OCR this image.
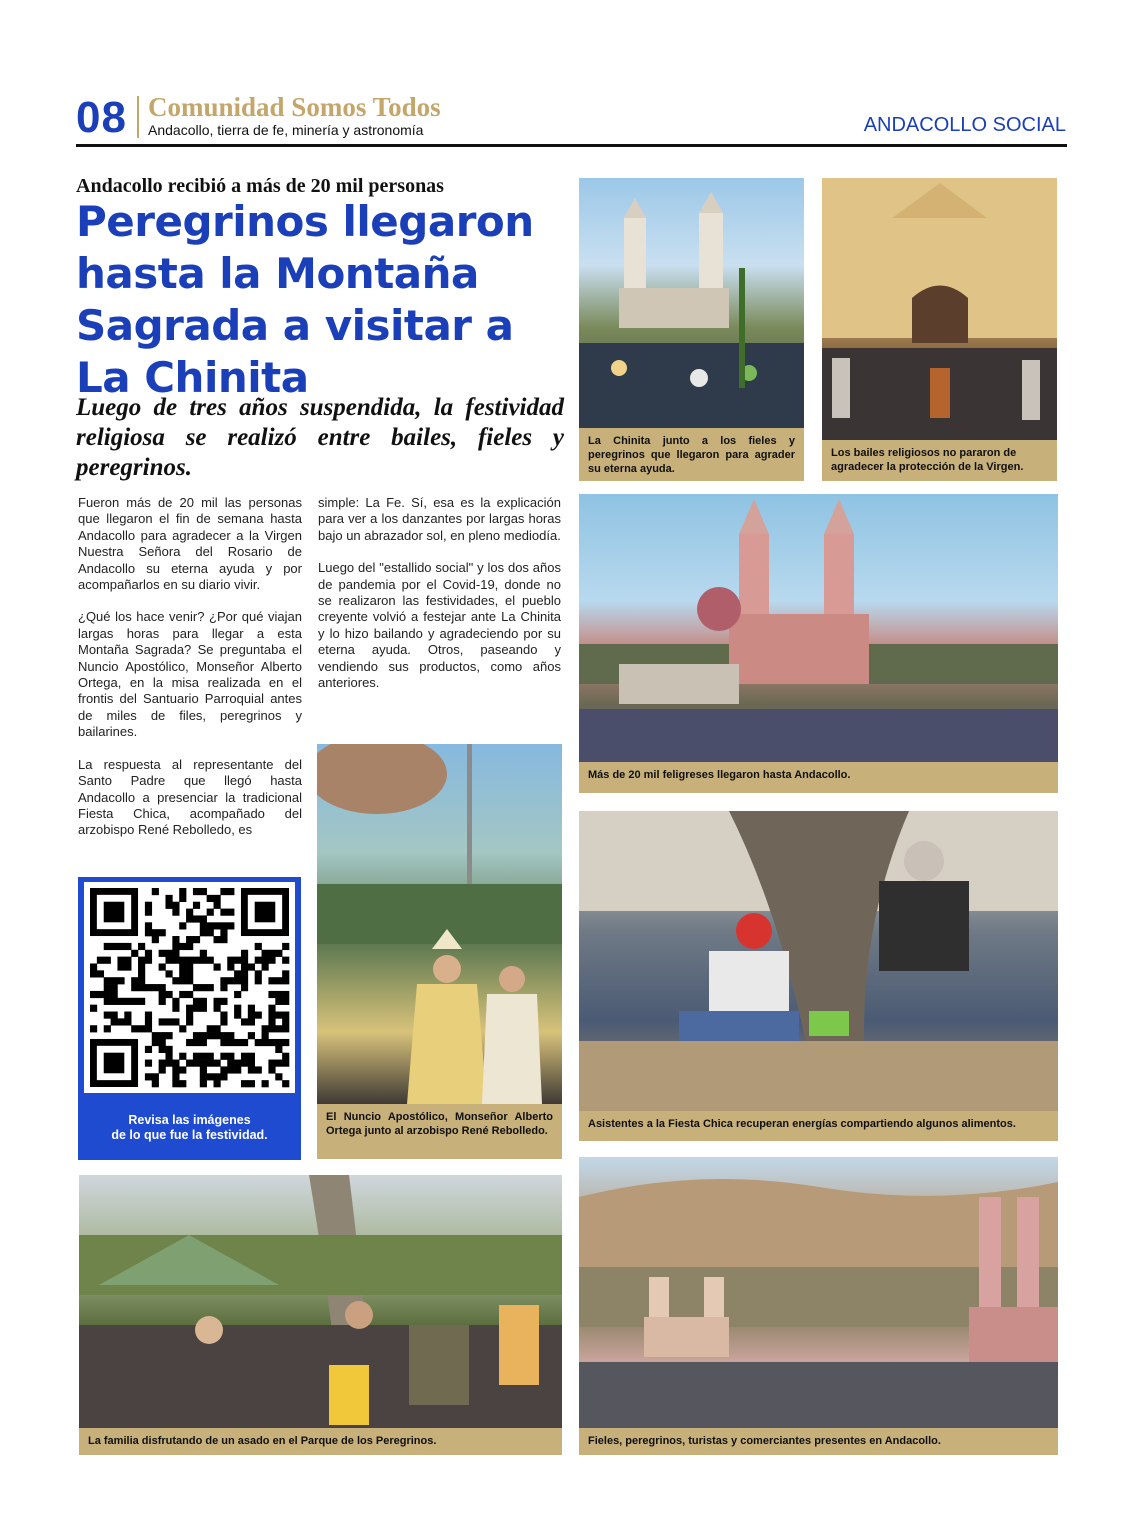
08 Comunidad Somos Todos
Andacollo, tierra de fe, minería y astronomía	ANDACOLLO SOCIAL
Andacollo recibió a más de 20 mil personas
Peregrinos llegaron hasta la Montaña Sagrada a visitar a La Chinita
Luego de tres años suspendida, la festividad religiosa se realizó entre bailes, fieles y peregrinos.

Fueron más de 20 mil las personas que llegaron el fin de semana hasta Andacollo para agradecer a la Virgen Nuestra Señora del Rosario de Andacollo su eterna ayuda y por acompañarlos en su diario vivir.

¿Qué los hace venir? ¿Por qué viajan largas horas para llegar a esta Montaña Sagrada? Se preguntaba el Nuncio Apostólico, Monseñor Alberto Ortega, en la misa realizada en el frontis del Santuario Parroquial antes de miles de files, peregrinos y bailarines.

La respuesta al representante del Santo Padre que llegó hasta Andacollo a presenciar la tradicional Fiesta Chica, acompañado del arzobispo René Rebolledo, es

simple: La Fe. Sí, esa es la explicación para ver a los danzantes por largas horas bajo un abrazador sol, en pleno mediodía.

Luego del "estallido social" y los dos años de pandemia por el Covid-19, donde no se realizaron las festividades, el pueblo creyente volvió a festejar ante La Chinita y lo hizo bailando y agradeciendo por su eterna ayuda. Otros, paseando y vendiendo sus productos, como años anteriores.

Revisa las imágenes
de lo que fue la festividad.
La Chinita junto a los fieles y peregrinos que llegaron para agrader su eterna ayuda.
Los bailes religiosos no pararon de agradecer la protección de la Virgen.
Más de 20 mil feligreses llegaron hasta Andacollo.
Asistentes a la Fiesta Chica recuperan energías compartiendo algunos alimentos.
El Nuncio Apostólico, Monseñor Alberto Ortega junto al arzobispo René Rebolledo.
La familia disfrutando de un asado en el Parque de los Peregrinos.	Fieles, peregrinos, turistas y comerciantes presentes en Andacollo.
